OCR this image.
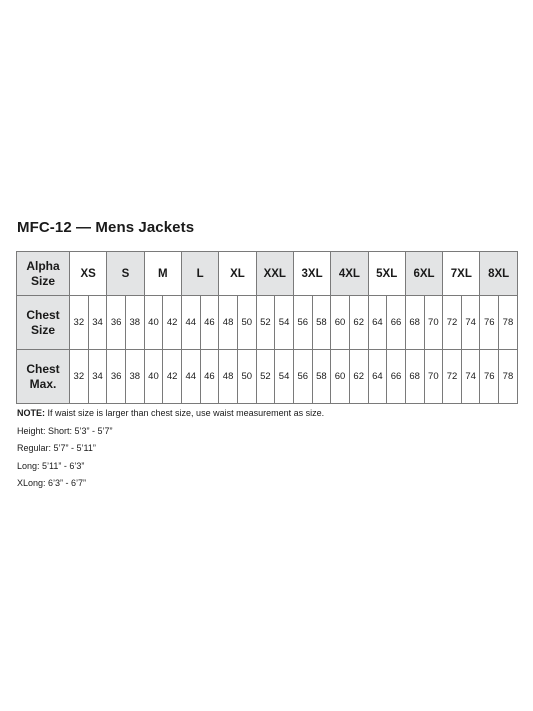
MFC-12 — Mens Jackets
Alpha
Size	XS		S		M		L		XL		XXL		3XL		4XL		5XL		6XL		7XL		8XL	
Chest
Size	32	34	36	38	40	42	44	46	48	50	52	54	56	58	60	62	64	66	68	70	72	74	76	78
Chest
Max.	32	34	36	38	40	42	44	46	48	50	52	54	56	58	60	62	64	66	68	70	72	74	76	78
NOTE: If waist size is larger than chest size, use waist measurement as size.
Height: Short: 5’3” - 5’7”
Regular: 5’7” - 5’11”
Long: 5’11” - 6’3”
XLong: 6’3” - 6’7”
